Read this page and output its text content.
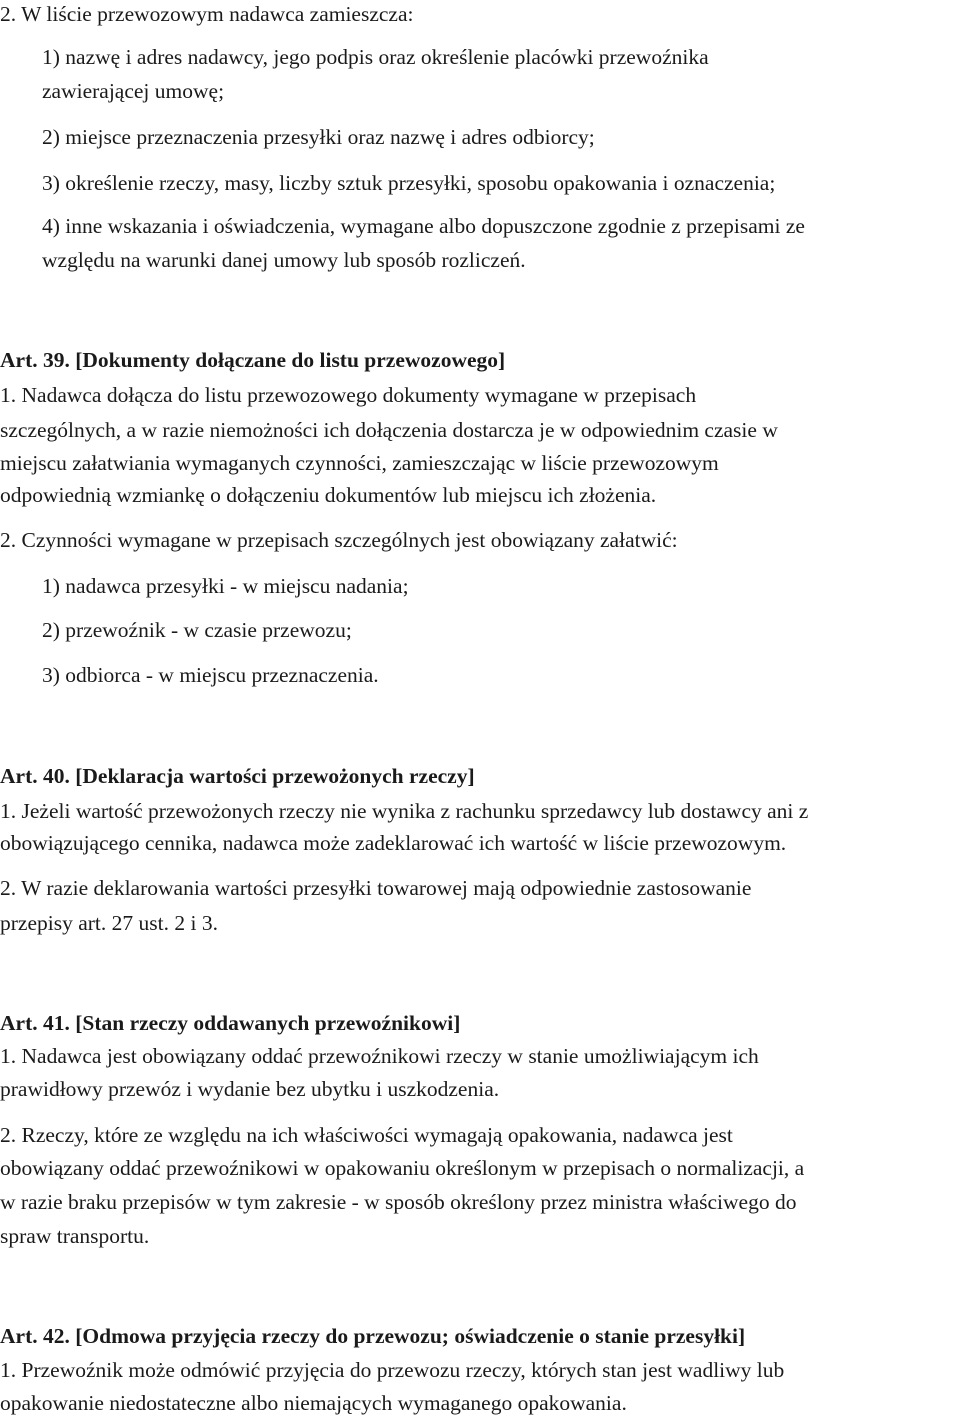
2. W liście przewozowym nadawca zamieszcza:
1) nazwę i adres nadawcy, jego podpis oraz określenie placówki przewoźnika
zawierającej umowę;
2) miejsce przeznaczenia przesyłki oraz nazwę i adres odbiorcy;
3) określenie rzeczy, masy, liczby sztuk przesyłki, sposobu opakowania i oznaczenia;
4) inne wskazania i oświadczenia, wymagane albo dopuszczone zgodnie z przepisami ze
względu na warunki danej umowy lub sposób rozliczeń.
Art. 39. [Dokumenty dołączane do listu przewozowego]
1. Nadawca dołącza do listu przewozowego dokumenty wymagane w przepisach
szczególnych, a w razie niemożności ich dołączenia dostarcza je w odpowiednim czasie w
miejscu załatwiania wymaganych czynności, zamieszczając w liście przewozowym
odpowiednią wzmiankę o dołączeniu dokumentów lub miejscu ich złożenia.
2. Czynności wymagane w przepisach szczególnych jest obowiązany załatwić:
1) nadawca przesyłki - w miejscu nadania;
2) przewoźnik - w czasie przewozu;
3) odbiorca - w miejscu przeznaczenia.
Art. 40. [Deklaracja wartości przewożonych rzeczy]
1. Jeżeli wartość przewożonych rzeczy nie wynika z rachunku sprzedawcy lub dostawcy ani z
obowiązującego cennika, nadawca może zadeklarować ich wartość w liście przewozowym.
2. W razie deklarowania wartości przesyłki towarowej mają odpowiednie zastosowanie
przepisy art. 27 ust. 2 i 3.
Art. 41. [Stan rzeczy oddawanych przewoźnikowi]
1. Nadawca jest obowiązany oddać przewoźnikowi rzeczy w stanie umożliwiającym ich
prawidłowy przewóz i wydanie bez ubytku i uszkodzenia.
2. Rzeczy, które ze względu na ich właściwości wymagają opakowania, nadawca jest
obowiązany oddać przewoźnikowi w opakowaniu określonym w przepisach o normalizacji, a
w razie braku przepisów w tym zakresie - w sposób określony przez ministra właściwego do
spraw transportu.
Art. 42. [Odmowa przyjęcia rzeczy do przewozu; oświadczenie o stanie przesyłki]
1. Przewoźnik może odmówić przyjęcia do przewozu rzeczy, których stan jest wadliwy lub
opakowanie niedostateczne albo niemających wymaganego opakowania.
